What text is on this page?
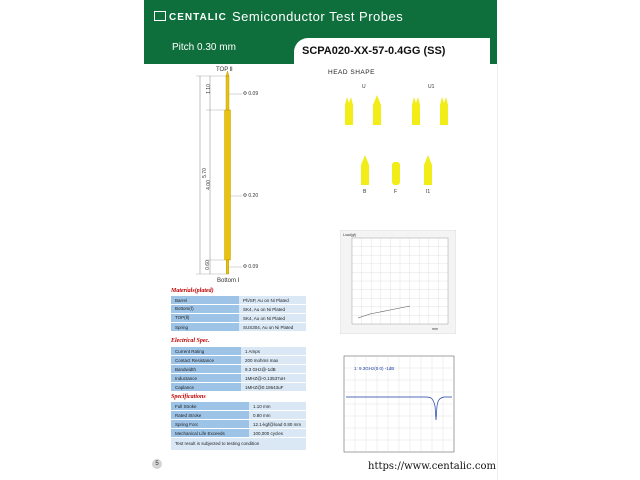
CENTALIC Semiconductor Test Probes
Pitch 0.30 mm	SCPA020-XX-57-0.4GG (SS)
TOP Ⅱ
Bottom Ⅰ
5.70
1.10
4.00
0.60
Φ 0.09
Φ 0.20
Φ 0.09
HEAD SHAPE
U	U1
B	F	I1
Load(gf)
mm
1: 9.3GHz(0.0) -1dB
Materials(plated)
Barrel	Ph/SP, Au on Ni Plated
Bottom(Ⅰ)	SK4, Au on Ni Plated
TOP(Ⅱ)	SK4, Au on Ni Plated
Spring	SUS304, Au on Ni Plated
Electrical Spec.
Current Rating	1 Amps
Contact Resistance	200 mohms max
Bandwidth	9.3 GHz@-1dB
Inductance	1MHZ@-0.13537uH
Caplance	1MHZ@0.18643uF
Specifications
Full Stroke	1.10 mm
Rated Stroke	0.80 mm
Spring Forc	12.1-kgf@load 0.80 mm
Mechanical Life Exceeds	100,000 cycles
Test result is subjected to testing condition
5	https://www.centalic.com
